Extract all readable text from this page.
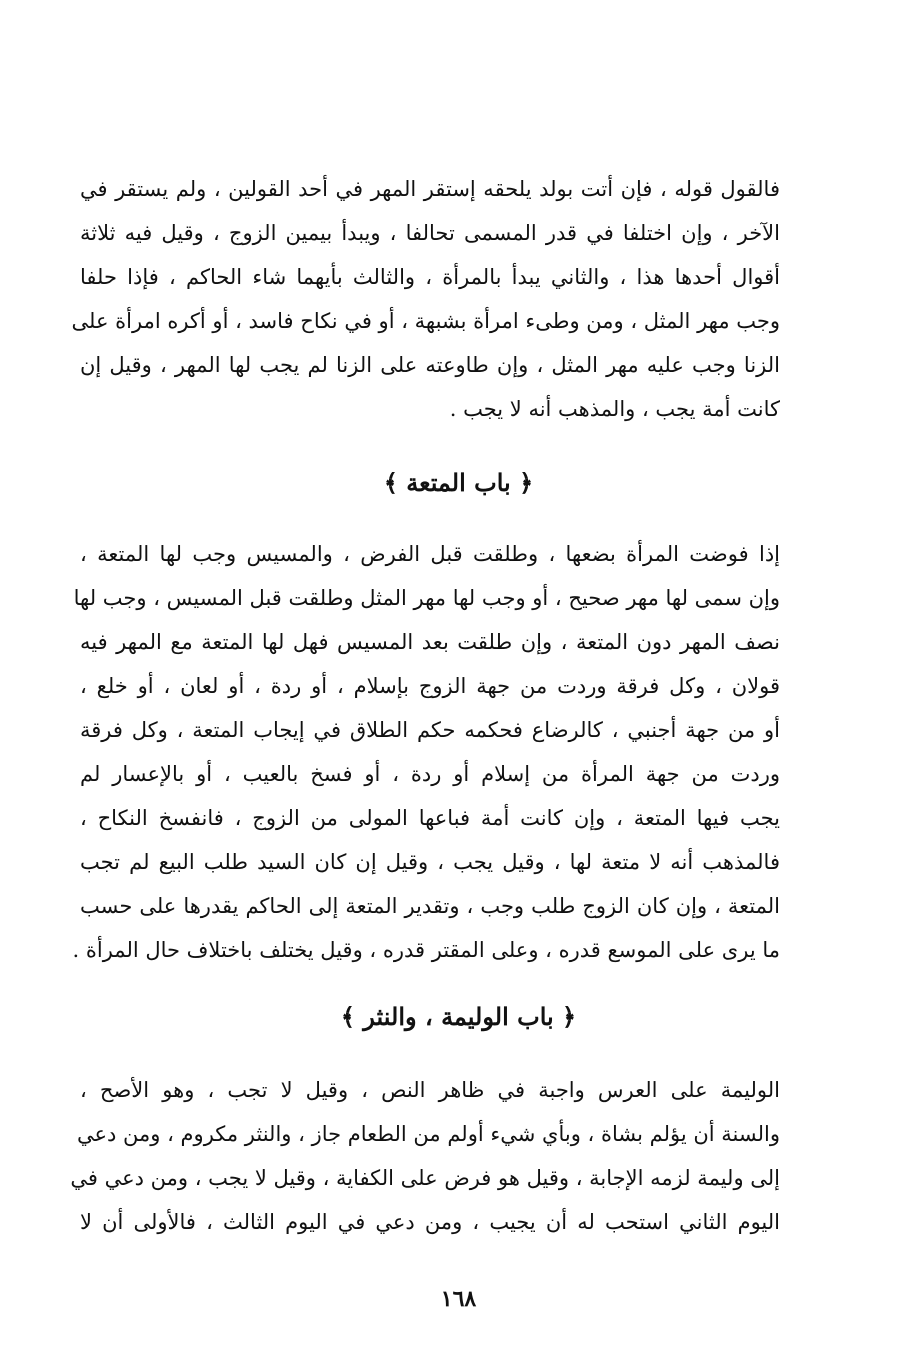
فالقول قوله ، فإن أتت بولد يلحقه إستقر المهر في أحد القولين ، ولم يستقر في
الآخر ، وإن اختلفا في قدر المسمى تحالفا ، ويبدأ بيمين الزوج ، وقيل فيه ثلاثة
أقوال أحدها هذا ، والثاني يبدأ بالمرأة ، والثالث بأيهما شاء الحاكم ، فإذا حلفا
وجب مهر المثل ، ومن وطىء امرأة بشبهة ، أو في نكاح فاسد ، أو أكره امرأة على
الزنا وجب عليه مهر المثل ، وإن طاوعته على الزنا لم يجب لها المهر ، وقيل إن
كانت أمة يجب ، والمذهب أنه لا يجب .
﴿ باب المتعة ﴾
إذا فوضت المرأة بضعها ، وطلقت قبل الفرض ، والمسيس وجب لها المتعة ،
وإن سمى لها مهر صحيح ، أو وجب لها مهر المثل وطلقت قبل المسيس ، وجب لها
نصف المهر دون المتعة ، وإن طلقت بعد المسيس فهل لها المتعة مع المهر فيه
قولان ، وكل فرقة وردت من جهة الزوج بإسلام ، أو ردة ، أو لعان ، أو خلع ،
أو من جهة أجنبي ، كالرضاع فحكمه حكم الطلاق في إيجاب المتعة ، وكل فرقة
وردت من جهة المرأة من إسلام أو ردة ، أو فسخ بالعيب ، أو بالإعسار لم
يجب فيها المتعة ، وإن كانت أمة فباعها المولى من الزوج ، فانفسخ النكاح ،
فالمذهب أنه لا متعة لها ، وقيل يجب ، وقيل إن كان السيد طلب البيع لم تجب
المتعة ، وإن كان الزوج طلب وجب ، وتقدير المتعة إلى الحاكم يقدرها على حسب
ما يرى على الموسع قدره ، وعلى المقتر قدره ، وقيل يختلف باختلاف حال المرأة .
﴿ باب الوليمة ، والنثر ﴾
الوليمة على العرس واجبة في ظاهر النص ، وقيل لا تجب ، وهو الأصح ،
والسنة أن يؤلم بشاة ، وبأي شيء أولم من الطعام جاز ، والنثر مكروم ، ومن دعي
إلى وليمة لزمه الإجابة ، وقيل هو فرض على الكفاية ، وقيل لا يجب ، ومن دعي في
اليوم الثاني استحب له أن يجيب ، ومن دعي في اليوم الثالث ، فالأولى أن لا
١٦٨
